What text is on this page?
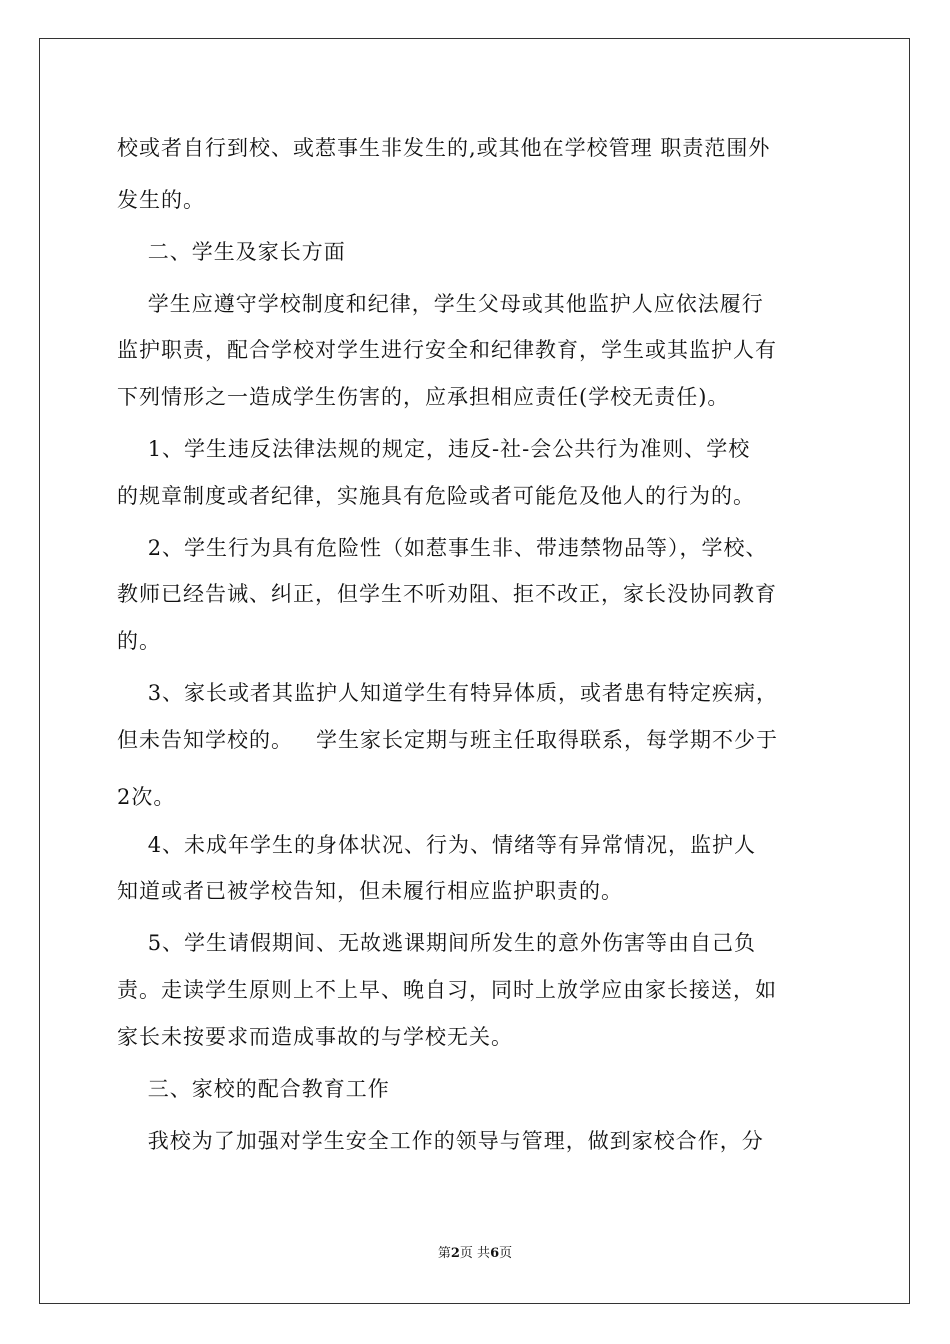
校或者自行到校、或惹事生非发生的,或其他在学校管理 职责范围外
发生的。
二、学生及家长方面
学生应遵守学校制度和纪律，学生父母或其他监护人应依法履行
监护职责，配合学校对学生进行安全和纪律教育，学生或其监护人有
下列情形之一造成学生伤害的，应承担相应责任(学校无责任)。
1、学生违反法律法规的规定，违反-社-会公共行为准则、学校
的规章制度或者纪律，实施具有危险或者可能危及他人的行为的。
2、学生行为具有危险性（如惹事生非、带违禁物品等），学校、
教师已经告诫、纠正，但学生不听劝阻、拒不改正，家长没协同教育
的。
3、家长或者其监护人知道学生有特异体质，或者患有特定疾病，
但未告知学校的。   学生家长定期与班主任取得联系，每学期不少于
2次。
4、未成年学生的身体状况、行为、情绪等有异常情况，监护人
知道或者已被学校告知，但未履行相应监护职责的。
5、学生请假期间、无故逃课期间所发生的意外伤害等由自己负
责。走读学生原则上不上早、晚自习，同时上放学应由家长接送，如
家长未按要求而造成事故的与学校无关。
三、家校的配合教育工作
我校为了加强对学生安全工作的领导与管理，做到家校合作，分
第2页 共6页
